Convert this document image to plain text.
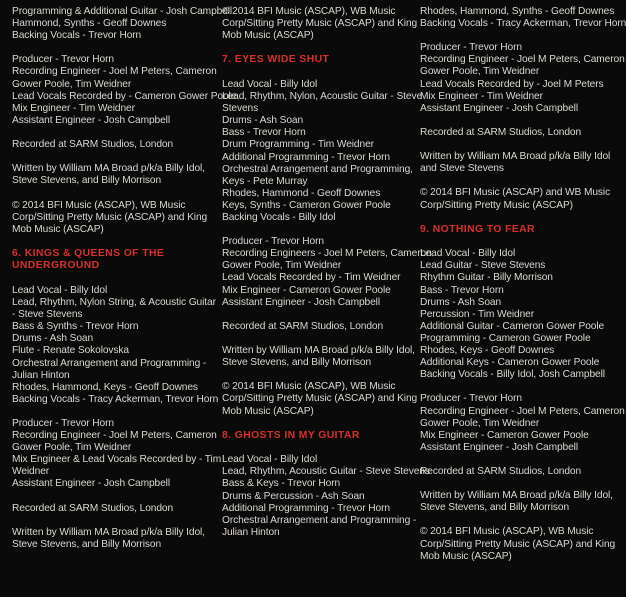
Programming & Additional Guitar - Josh Campbell
Hammond, Synths - Geoff Downes
Backing Vocals - Trevor Horn
Producer - Trevor Horn
Recording Engineer - Joel M Peters, Cameron
Gower Poole, Tim Weidner
Lead Vocals Recorded by - Cameron Gower Poole
Mix Engineer - Tim Weidner
Assistant Engineer - Josh Campbell
Recorded at SARM Studios, London
Written by William MA Broad p/k/a Billy Idol,
Steve Stevens, and Billy Morrison
© 2014 BFI Music (ASCAP), WB Music
Corp/Sitting Pretty Music (ASCAP) and King
Mob Music (ASCAP)
6. KINGS & QUEENS OF THE
UNDERGROUND
Lead Vocal - Billy Idol
Lead, Rhythm, Nylon String, & Acoustic Guitar
- Steve Stevens
Bass & Synths - Trevor Horn
Drums - Ash Soan
Flute - Renate Sokolovska
Orchestral Arrangement and Programming -
Julian Hinton
Rhodes, Hammond, Keys - Geoff Downes
Backing Vocals - Tracy Ackerman, Trevor Horn
Producer - Trevor Horn
Recording Engineer - Joel M Peters, Cameron
Gower Poole, Tim Weidner
Mix Engineer & Lead Vocals Recorded by - Tim
Weidner
Assistant Engineer - Josh Campbell
Recorded at SARM Studios, London
Written by William MA Broad p/k/a Billy Idol,
Steve Stevens, and Billy Morrison
© 2014 BFI Music (ASCAP), WB Music
Corp/Sitting Pretty Music (ASCAP) and King
Mob Music (ASCAP)
7. EYES WIDE SHUT
Lead Vocal - Billy Idol
Lead, Rhythm, Nylon, Acoustic Guitar - Steve
Stevens
Drums - Ash Soan
Bass - Trevor Horn
Drum Programming - Tim Weidner
Additional Programming - Trevor Horn
Orchestral Arrangement and Programming,
Keys - Pete Murray
Rhodes, Hammond - Geoff Downes
Keys, Synths - Cameron Gower Poole
Backing Vocals - Billy Idol
Producer - Trevor Horn
Recording Engineers - Joel M Peters, Cameron
Gower Poole, Tim Weidner
Lead Vocals Recorded by - Tim Weidner
Mix Engineer - Cameron Gower Poole
Assistant Engineer - Josh Campbell
Recorded at SARM Studios, London
Written by William MA Broad p/k/a Billy Idol,
Steve Stevens, and Billy Morrison
© 2014 BFI Music (ASCAP), WB Music
Corp/Sitting Pretty Music (ASCAP) and King
Mob Music (ASCAP)
8. GHOSTS IN MY GUITAR
Lead Vocal - Billy Idol
Lead, Rhythm, Acoustic Guitar - Steve Stevens
Bass & Keys - Trevor Horn
Drums & Percussion - Ash Soan
Additional Programming - Trevor Horn
Orchestral Arrangement and Programming -
Julian Hinton
Rhodes, Hammond, Synths - Geoff Downes
Backing Vocals - Tracy Ackerman, Trevor Horn
Producer - Trevor Horn
Recording Engineer - Joel M Peters, Cameron
Gower Poole, Tim Weidner
Lead Vocals Recorded by - Joel M Peters
Mix Engineer - Tim Weidner
Assistant Engineer - Josh Campbell
Recorded at SARM Studios, London
Written by William MA Broad p/k/a Billy Idol
and Steve Stevens
© 2014 BFI Music (ASCAP) and WB Music
Corp/Sitting Pretty Music (ASCAP)
9. NOTHING TO FEAR
Lead Vocal - Billy Idol
Lead Guitar - Steve Stevens
Rhythm Guitar - Billy Morrison
Bass - Trevor Horn
Drums - Ash Soan
Percussion - Tim Weidner
Additional Guitar - Cameron Gower Poole
Programming - Cameron Gower Poole
Rhodes, Keys - Geoff Downes
Additional Keys - Cameron Gower Poole
Backing Vocals - Billy Idol, Josh Campbell
Producer - Trevor Horn
Recording Engineer - Joel M Peters, Cameron
Gower Poole, Tim Weidner
Mix Engineer - Cameron Gower Poole
Assistant Engineer - Josh Campbell
Recorded at SARM Studios, London
Written by William MA Broad p/k/a Billy Idol,
Steve Stevens, and Billy Morrison
© 2014 BFI Music (ASCAP), WB Music
Corp/Sitting Pretty Music (ASCAP) and King
Mob Music (ASCAP)
